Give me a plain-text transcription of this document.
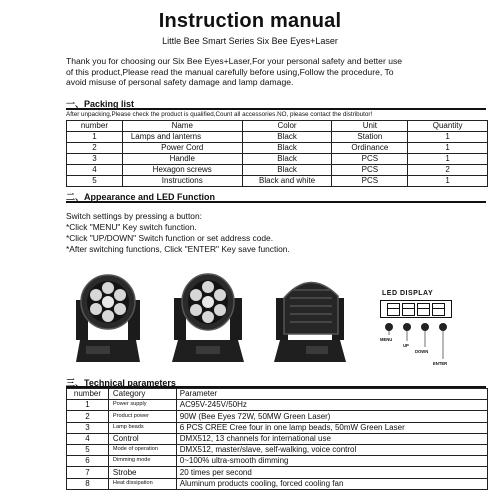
Instruction manual
Little Bee Smart Series Six Bee Eyes+Laser
Thank you for choosing our Six Bee Eyes+Laser,For your personal safety and better use
of this product,Please read the manual carefully before using,Follow the procedure, To
avoid misuse of personal safety damage and lamp damage.
一、Packing list
After unpacking,Please check the product is qualified,Count all accessories.NO, please contact the distributor!
number	Name	Color	Unit	Quantity
1	Lamps and lanterns	Black	Station	1
2	Power Cord	Black	Ordinance	1
3	Handle	Black	PCS	1
4	Hexagon screws	Black	PCS	2
5	Instructions	Black and white	PCS	1
二、Appearance and LED Function
Switch settings by pressing a button:
*Click "MENU" Key switch function.
*Click "UP/DOWN" Switch function or set address code.
*After switching functions, Click "ENTER" Key save function.
LED DISPLAY
MENU
UP
DOWN
ENTER
三、Technical parameters
number	Category	Parameter
1	Power supply	AC95V-245V/50Hz
2	Product power	90W (Bee Eyes 72W, 50MW Green Laser)
3	Lamp beads	6 PCS CREE Cree four in one lamp beads, 50mW Green Laser
4	Control	DMX512, 13 channels for international use
5	Mode of operation	DMX512, master/slave, self-walking, voice control
6	Dimming mode	0~100% ultra-smooth dimming
7	Strobe	20 times per second
8	Heat dissipation	Aluminum products cooling, forced cooling fan
